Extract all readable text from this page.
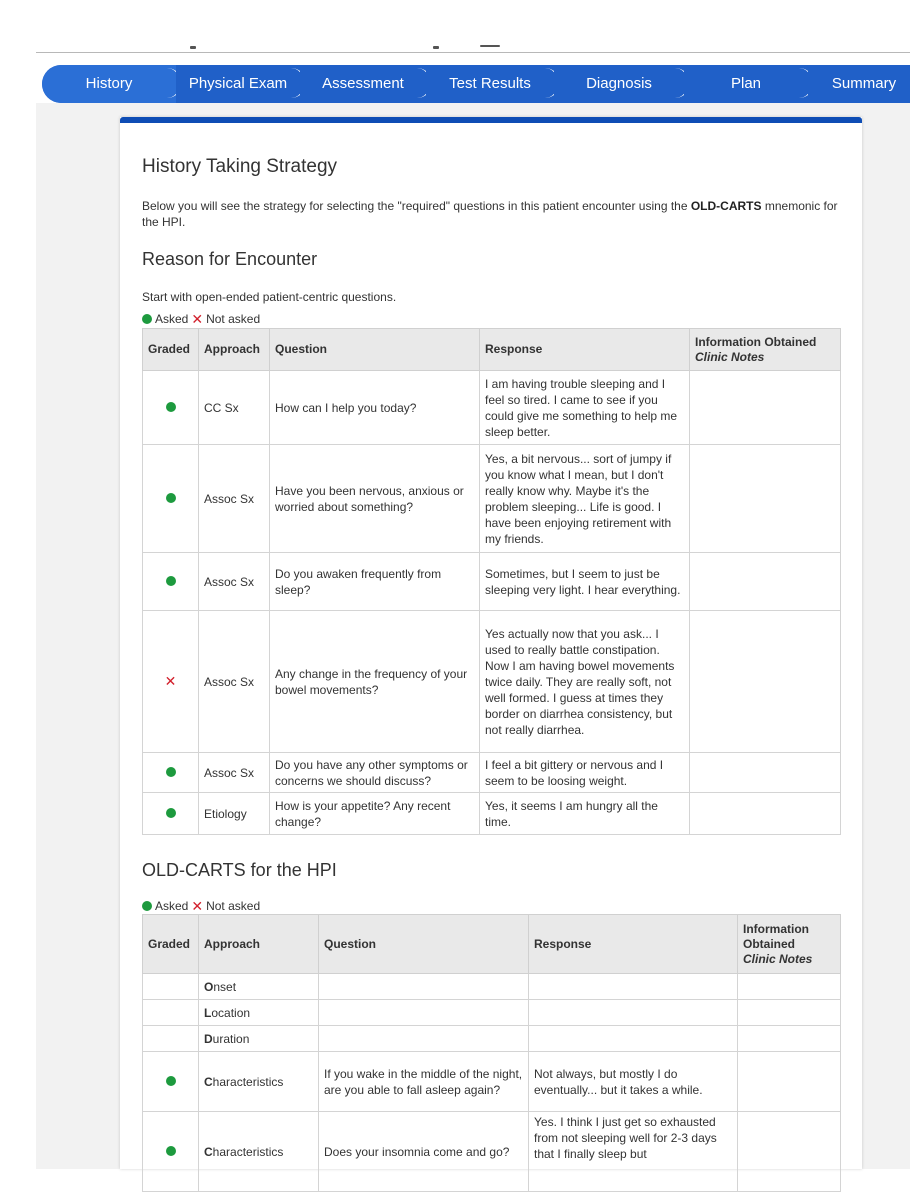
History	Physical Exam	Assessment	Test Results	Diagnosis	Plan	Summary
History Taking Strategy
Below you will see the strategy for selecting the "required" questions in this patient encounter using the OLD-CARTS mnemonic for the HPI.
Reason for Encounter
Start with open-ended patient-centric questions.
Asked ✕ Not asked
Graded	Approach	Question	Response	Information Obtained
Clinic Notes

	CC Sx	How can I help you today?	I am having trouble sleeping and I feel so tired. I came to see if you could give me something to help me sleep better.	
	Assoc Sx	Have you been nervous, anxious or worried about something?	Yes, a bit nervous... sort of jumpy if you know what I mean, but I don't really know why. Maybe it's the problem sleeping... Life is good. I have been enjoying retirement with my friends.	
	Assoc Sx	Do you awaken frequently from sleep?	Sometimes, but I seem to just be sleeping very light. I hear everything.	
✕	Assoc Sx	Any change in the frequency of your bowel movements?	Yes actually now that you ask... I used to really battle constipation. Now I am having bowel movements twice daily. They are really soft, not well formed. I guess at times they border on diarrhea consistency, but not really diarrhea.	
	Assoc Sx	Do you have any other symptoms or concerns we should discuss?	I feel a bit gittery or nervous and I seem to be loosing weight.	
	Etiology	How is your appetite? Any recent change?	Yes, it seems I am hungry all the time.	
OLD-CARTS for the HPI
Asked ✕ Not asked
Graded	Approach	Question	Response	Information
Obtained
Clinic Notes

	Onset			
	Location			
	Duration			
	Characteristics	If you wake in the middle of the night, are you able to fall asleep again?	Not always, but mostly I do eventually... but it takes a while.	
	Characteristics	Does your insomnia come and go?	Yes. I think I just get so exhausted from not sleeping well for 2-3 days that I finally sleep but	
